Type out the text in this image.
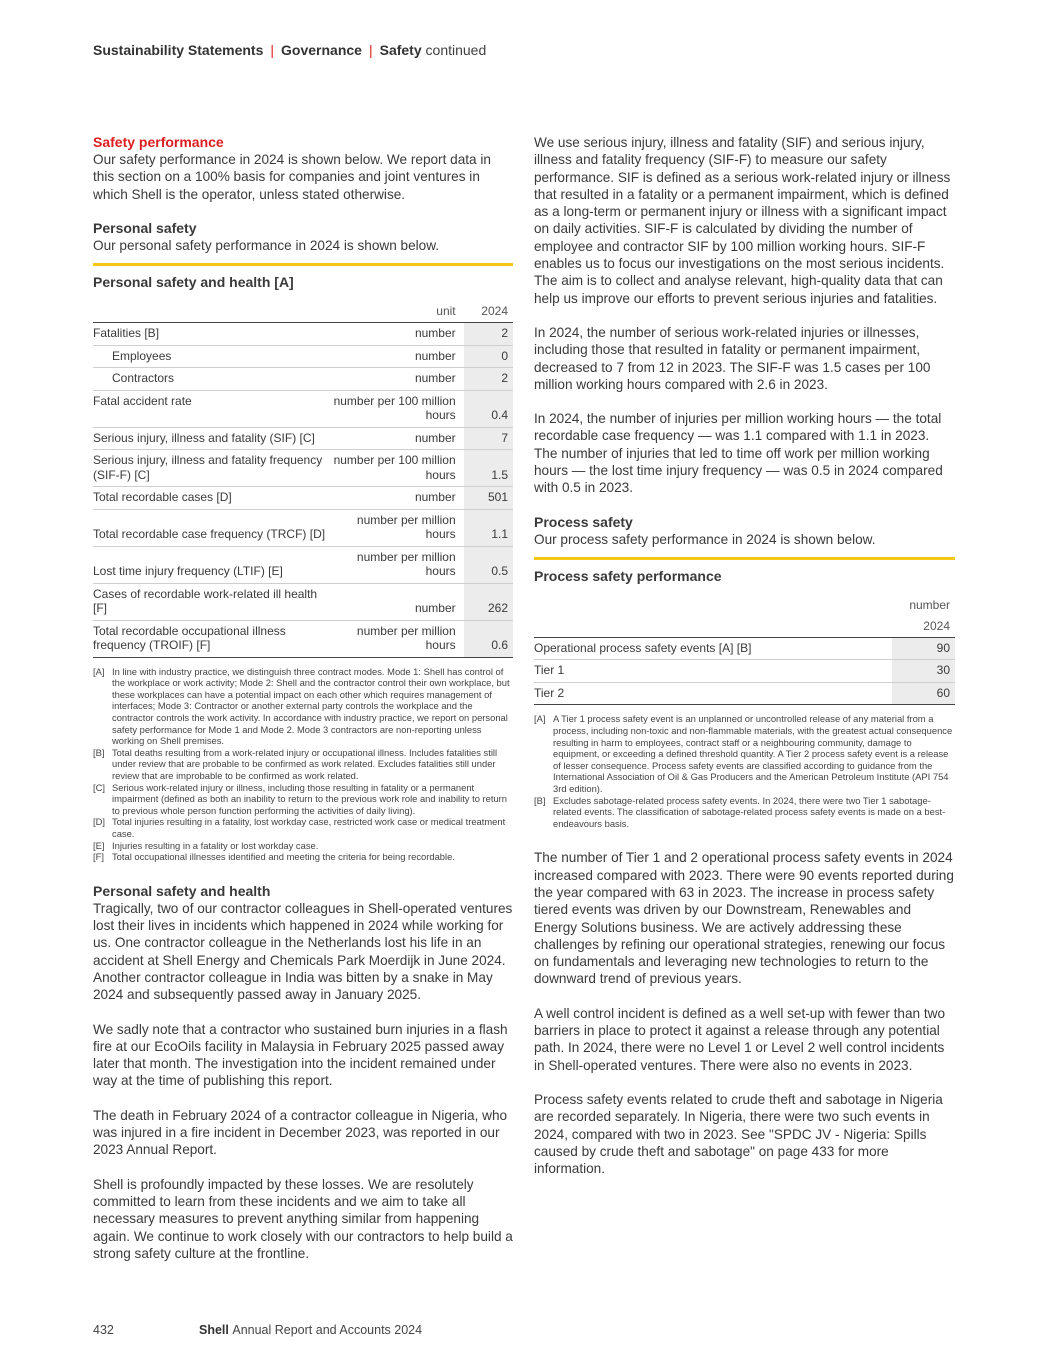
Sustainability Statements | Governance | Safety continued
Safety performance

Our safety performance in 2024 is shown below. We report data in this section on a 100% basis for companies and joint ventures in which Shell is the operator, unless stated otherwise.

Personal safety

Our personal safety performance in 2024 is shown below.

Personal safety and health [A]
	unit	2024
Fatalities [B]	number	2
Employees	number	0
Contractors	number	2
Fatal accident rate	number per 100 million hours	0.4
Serious injury, illness and fatality (SIF) [C]	number	7
Serious injury, illness and fatality frequency (SIF-F) [C]	number per 100 million hours	1.5
Total recordable cases [D]	number	501
Total recordable case frequency (TRCF) [D]	number per million hours	1.1
Lost time injury frequency (LTIF) [E]	number per million hours	0.5
Cases of recordable work-related ill health [F]	number	262
Total recordable occupational illness frequency (TROIF) [F]	number per million hours	0.6
[A] In line with industry practice, we distinguish three contract modes. Mode 1: Shell has control of the workplace or work activity; Mode 2: Shell and the contractor control their own workplace, but these workplaces can have a potential impact on each other which requires management of interfaces; Mode 3: Contractor or another external party controls the workplace and the contractor controls the work activity. In accordance with industry practice, we report on personal safety performance for Mode 1 and Mode 2. Mode 3 contractors are non-reporting unless working on Shell premises.
[B] Total deaths resulting from a work-related injury or occupational illness. Includes fatalities still under review that are probable to be confirmed as work related. Excludes fatalities still under review that are improbable to be confirmed as work related.
[C] Serious work-related injury or illness, including those resulting in fatality or a permanent impairment (defined as both an inability to return to the previous work role and inability to return to previous whole person function performing the activities of daily living).
[D] Total injuries resulting in a fatality, lost workday case, restricted work case or medical treatment case.
[E] Injuries resulting in a fatality or lost workday case.
[F] Total occupational illnesses identified and meeting the criteria for being recordable.
Personal safety and health

Tragically, two of our contractor colleagues in Shell-operated ventures lost their lives in incidents which happened in 2024 while working for us. One contractor colleague in the Netherlands lost his life in an accident at Shell Energy and Chemicals Park Moerdijk in June 2024. Another contractor colleague in India was bitten by a snake in May 2024 and subsequently passed away in January 2025.

We sadly note that a contractor who sustained burn injuries in a flash fire at our EcoOils facility in Malaysia in February 2025 passed away later that month. The investigation into the incident remained under way at the time of publishing this report.

The death in February 2024 of a contractor colleague in Nigeria, who was injured in a fire incident in December 2023, was reported in our 2023 Annual Report.

Shell is profoundly impacted by these losses. We are resolutely committed to learn from these incidents and we aim to take all necessary measures to prevent anything similar from happening again. We continue to work closely with our contractors to help build a strong safety culture at the frontline.

We use serious injury, illness and fatality (SIF) and serious injury, illness and fatality frequency (SIF-F) to measure our safety performance. SIF is defined as a serious work-related injury or illness that resulted in a fatality or a permanent impairment, which is defined as a long-term or permanent injury or illness with a significant impact on daily activities. SIF-F is calculated by dividing the number of employee and contractor SIF by 100 million working hours. SIF-F enables us to focus our investigations on the most serious incidents. The aim is to collect and analyse relevant, high-quality data that can help us improve our efforts to prevent serious injuries and fatalities.

In 2024, the number of serious work-related injuries or illnesses, including those that resulted in fatality or permanent impairment, decreased to 7 from 12 in 2023. The SIF-F was 1.5 cases per 100 million working hours compared with 2.6 in 2023.

In 2024, the number of injuries per million working hours — the total recordable case frequency — was 1.1 compared with 1.1 in 2023. The number of injuries that led to time off work per million working hours — the lost time injury frequency — was 0.5 in 2024 compared with 0.5 in 2023.

Process safety

Our process safety performance in 2024 is shown below.

Process safety performance
	number
	2024
Operational process safety events [A] [B]	90
Tier 1	30
Tier 2	60
[A] A Tier 1 process safety event is an unplanned or uncontrolled release of any material from a process, including non-toxic and non-flammable materials, with the greatest actual consequence resulting in harm to employees, contract staff or a neighbouring community, damage to equipment, or exceeding a defined threshold quantity. A Tier 2 process safety event is a release of lesser consequence. Process safety events are classified according to guidance from the International Association of Oil & Gas Producers and the American Petroleum Institute (API 754 3rd edition).
[B] Excludes sabotage-related process safety events. In 2024, there were two Tier 1 sabotage-related events. The classification of sabotage-related process safety events is made on a best-endeavours basis.

The number of Tier 1 and 2 operational process safety events in 2024 increased compared with 2023. There were 90 events reported during the year compared with 63 in 2023. The increase in process safety tiered events was driven by our Downstream, Renewables and Energy Solutions business. We are actively addressing these challenges by refining our operational strategies, renewing our focus on fundamentals and leveraging new technologies to return to the downward trend of previous years.

A well control incident is defined as a well set-up with fewer than two barriers in place to protect it against a release through any potential path. In 2024, there were no Level 1 or Level 2 well control incidents in Shell-operated ventures. There were also no events in 2023.

Process safety events related to crude theft and sabotage in Nigeria are recorded separately. In Nigeria, there were two such events in 2024, compared with two in 2023. See "SPDC JV - Nigeria: Spills caused by crude theft and sabotage" on page 433 for more information.

432	Shell Annual Report and Accounts 2024
